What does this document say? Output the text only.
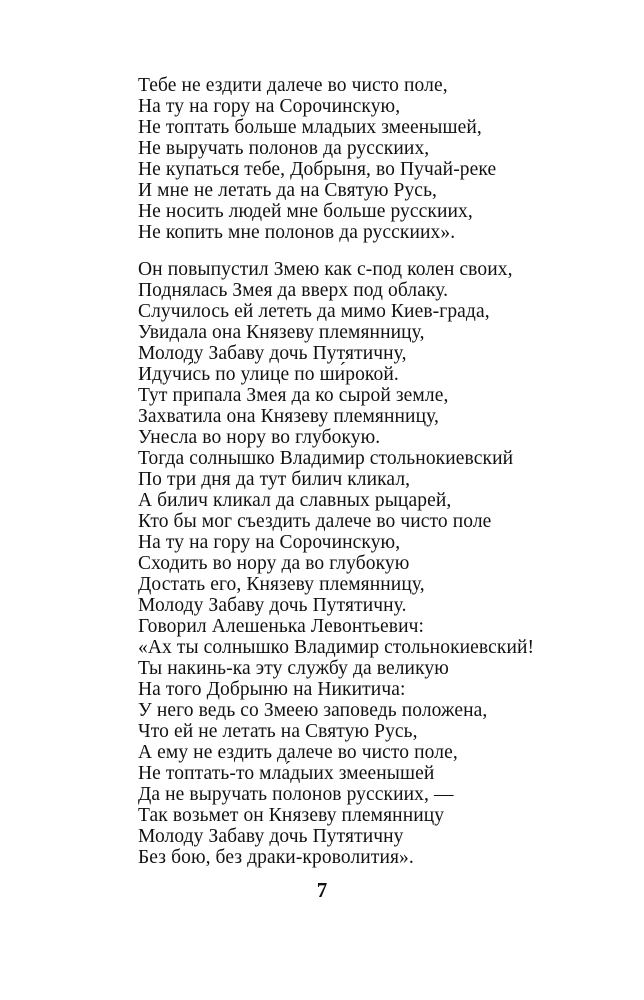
Тебе не ездити далече во чисто поле,
На ту на гору на Сорочинскую,
Не топтать больше младыих змеенышей,
Не выручать полонов да русскиих,
Не купаться тебе, Добрыня, во Пучай-реке
И мне не летать да на Святую Русь,
Не носить людей мне больше русскиих,
Не копить мне полонов да русскиих».
Он повыпустил Змею как с-под колен своих,
Поднялась Змея да вверх под облаку.
Случилось ей лететь да мимо Киев-града,
Увидала она Князеву племянницу,
Молоду Забаву дочь Путятичну,
Идучи́сь по улице по ши́рокой.
Тут припала Змея да ко сырой земле,
Захватила она Князеву племянницу,
Унесла во нору во глубокую.
Тогда солнышко Владимир стольнокиевский
По три дня да тут билич кликал,
А билич кликал да славных рыцарей,
Кто бы мог съездить далече во чисто поле
На ту на гору на Сорочинскую,
Сходить во нору да во глубокую
Достать его, Князеву племянницу,
Молоду Забаву дочь Путятичну.
Говорил Алешенька Левонтьевич:
«Ах ты солнышко Владимир стольнокиевский!
Ты накинь-ка эту службу да великую
На того Добрыню на Никитича:
У него ведь со Змеею заповедь положена,
Что ей не летать на Святую Русь,
А ему не ездить далече во чисто поле,
Не топтать-то мла́дыих змеенышей
Да не выручать полонов русскиих, —
Так возьмет он Князеву племянницу
Молоду Забаву дочь Путятичну
Без бою, без драки-кроволития».
7
